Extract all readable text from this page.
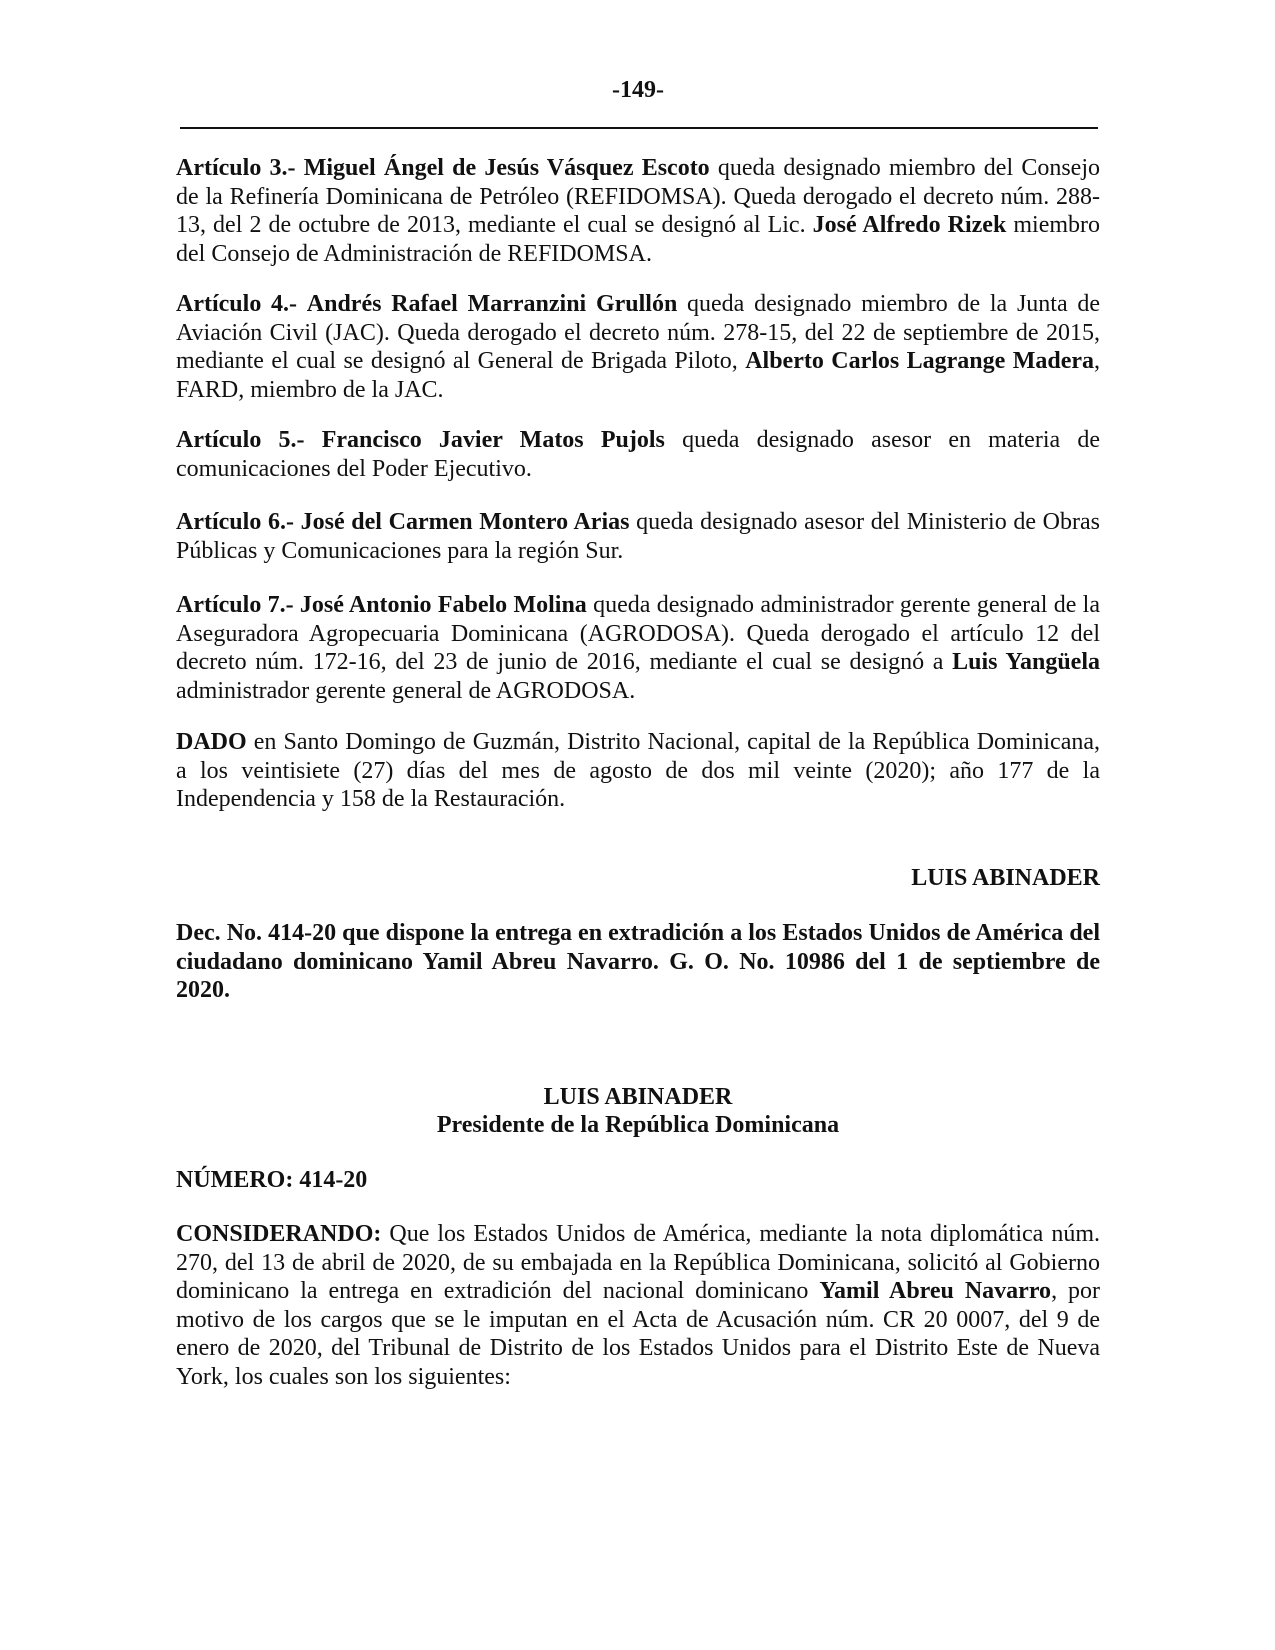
-149-

Artículo 3.- Miguel Ángel de Jesús Vásquez Escoto queda designado miembro del Consejo de la Refinería Dominicana de Petróleo (REFIDOMSA). Queda derogado el decreto núm. 288-13, del 2 de octubre de 2013, mediante el cual se designó al Lic. José Alfredo Rizek miembro del Consejo de Administración de REFIDOMSA.

Artículo 4.- Andrés Rafael Marranzini Grullón queda designado miembro de la Junta de Aviación Civil (JAC). Queda derogado el decreto núm. 278-15, del 22 de septiembre de 2015, mediante el cual se designó al General de Brigada Piloto, Alberto Carlos Lagrange Madera, FARD, miembro de la JAC.

Artículo 5.- Francisco Javier Matos Pujols queda designado asesor en materia de comunicaciones del Poder Ejecutivo.

Artículo 6.- José del Carmen Montero Arias queda designado asesor del Ministerio de Obras Públicas y Comunicaciones para la región Sur.

Artículo 7.- José Antonio Fabelo Molina queda designado administrador gerente general de la Aseguradora Agropecuaria Dominicana (AGRODOSA). Queda derogado el artículo 12 del decreto núm. 172-16, del 23 de junio de 2016, mediante el cual se designó a Luis Yangüela administrador gerente general de AGRODOSA.

DADO en Santo Domingo de Guzmán, Distrito Nacional, capital de la República Dominicana, a los veintisiete (27) días del mes de agosto de dos mil veinte (2020); año 177 de la Independencia y 158 de la Restauración.

LUIS ABINADER

Dec. No. 414-20 que dispone la entrega en extradición a los Estados Unidos de América del ciudadano dominicano Yamil Abreu Navarro. G. O. No. 10986 del 1 de septiembre de 2020.

LUIS ABINADER
Presidente de la República Dominicana
NÚMERO: 414-20

CONSIDERANDO: Que los Estados Unidos de América, mediante la nota diplomática núm. 270, del 13 de abril de 2020, de su embajada en la República Dominicana, solicitó al Gobierno dominicano la entrega en extradición del nacional dominicano Yamil Abreu Navarro, por motivo de los cargos que se le imputan en el Acta de Acusación núm. CR 20 0007, del 9 de enero de 2020, del Tribunal de Distrito de los Estados Unidos para el Distrito Este de Nueva York, los cuales son los siguientes:
